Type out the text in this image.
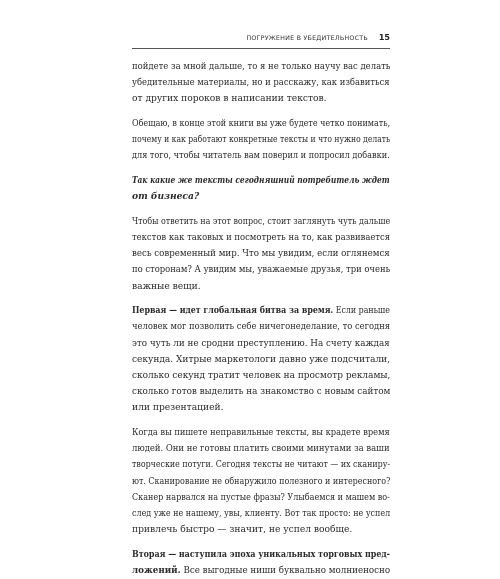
ПОГРУЖЕНИЕ В УБЕДИТЕЛЬНОСТЬ 15
пойдете за мной дальше, то я не только научу вас делать
убедительные материалы, но и расскажу, как избавиться
от других пороков в написании текстов.
Обещаю, в конце этой книги вы уже будете четко понимать,
почему и как работают конкретные тексты и что нужно делать
для того, чтобы читатель вам поверил и попросил добавки.
Так какие же тексты сегодняшний потребитель ждет
от бизнеса?
Чтобы ответить на этот вопрос, стоит заглянуть чуть дальше
текстов как таковых и посмотреть на то, как развивается
весь современный мир. Что мы увидим, если оглянемся
по сторонам? А увидим мы, уважаемые друзья, три очень
важные вещи.
Первая — идет глобальная битва за время. Если раньше
человек мог позволить себе ничегонеделание, то сегодня
это чуть ли не сродни преступлению. На счету каждая
секунда. Хитрые маркетологи давно уже подсчитали,
сколько секунд тратит человек на просмотр рекламы,
сколько готов выделить на знакомство с новым сайтом
или презентацией.
Когда вы пишете неправильные тексты, вы крадете время
людей. Они не готовы платить своими минутами за ваши
творческие потуги. Сегодня тексты не читают — их сканиру-
ют. Сканирование не обнаружило полезного и интересного?
Сканер нарвался на пустые фразы? Улыбаемся и машем во-
след уже не нашему, увы, клиенту. Вот так просто: не успел
привлечь быстро — значит, не успел вообще.
Вторая — наступила эпоха уникальных торговых пред-
ложений. Все выгодные ниши буквально молниеносно
